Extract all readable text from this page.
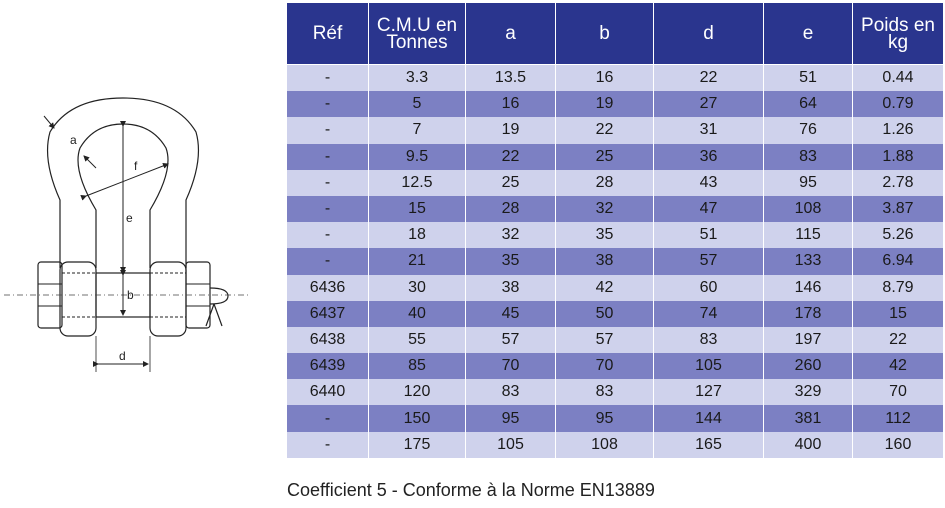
a
f
e
b
d
Réf	C.M.U en Tonnes	a	b	d	e	Poids en kg
-	3.3	13.5	16	22	51	0.44
-	5	16	19	27	64	0.79
-	7	19	22	31	76	1.26
-	9.5	22	25	36	83	1.88
-	12.5	25	28	43	95	2.78
-	15	28	32	47	108	3.87
-	18	32	35	51	115	5.26
-	21	35	38	57	133	6.94
6436	30	38	42	60	146	8.79
6437	40	45	50	74	178	15
6438	55	57	57	83	197	22
6439	85	70	70	105	260	42
6440	120	83	83	127	329	70
-	150	95	95	144	381	112
-	175	105	108	165	400	160

Coefficient 5 - Conforme à la Norme EN13889
